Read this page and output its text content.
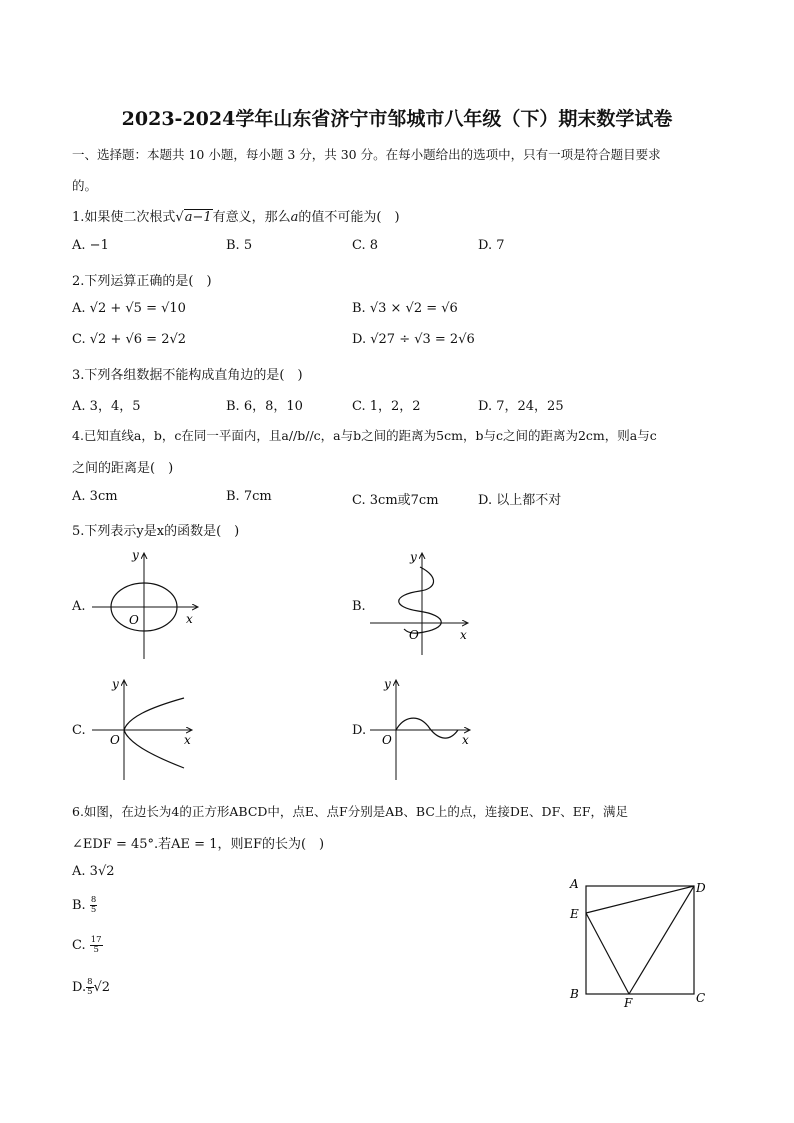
2023-2024学年山东省济宁市邹城市八年级（下）期末数学试卷
一、选择题：本题共 10 小题，每小题 3 分，共 30 分。在每小题给出的选项中，只有一项是符合题目要求
的。
1.如果使二次根式√a−1有意义，那么a的值不可能为(　)
A. −1	B. 5	C. 8	D. 7
2.下列运算正确的是(　)
A. √2 + √5 = √10	B. √3 × √2 = √6
C. √2 + √6 = 2√2	D. √27 ÷ √3 = 2√6
3.下列各组数据不能构成直角边的是(　)
A. 3，4，5	B. 6，8，10	C. 1，2，2	D. 7，24，25
4.已知直线a，b，c在同一平面内，且a//b//c，a与b之间的距离为5cm，b与c之间的距离为2cm，则a与c
之间的距离是(　)
A. 3cm	B. 7cm	C. 3cm或7cm	D. 以上都不对
5.下列表示y是x的函数是(　)
A.
x
y
O
B.
x
y
O
C.
x
y
O
D.
x
y
O
6.如图，在边长为4的正方形ABCD中，点E、点F分别是AB、BC上的点，连接DE、DF、EF，满足
∠EDF = 45°.若AE = 1，则EF的长为(　)
A. 3√2
B. $\frac{8}{5}$
C. $\frac{17}{5}$
D. $\frac{8}{5} √2$
A	D
E
B
F	C
